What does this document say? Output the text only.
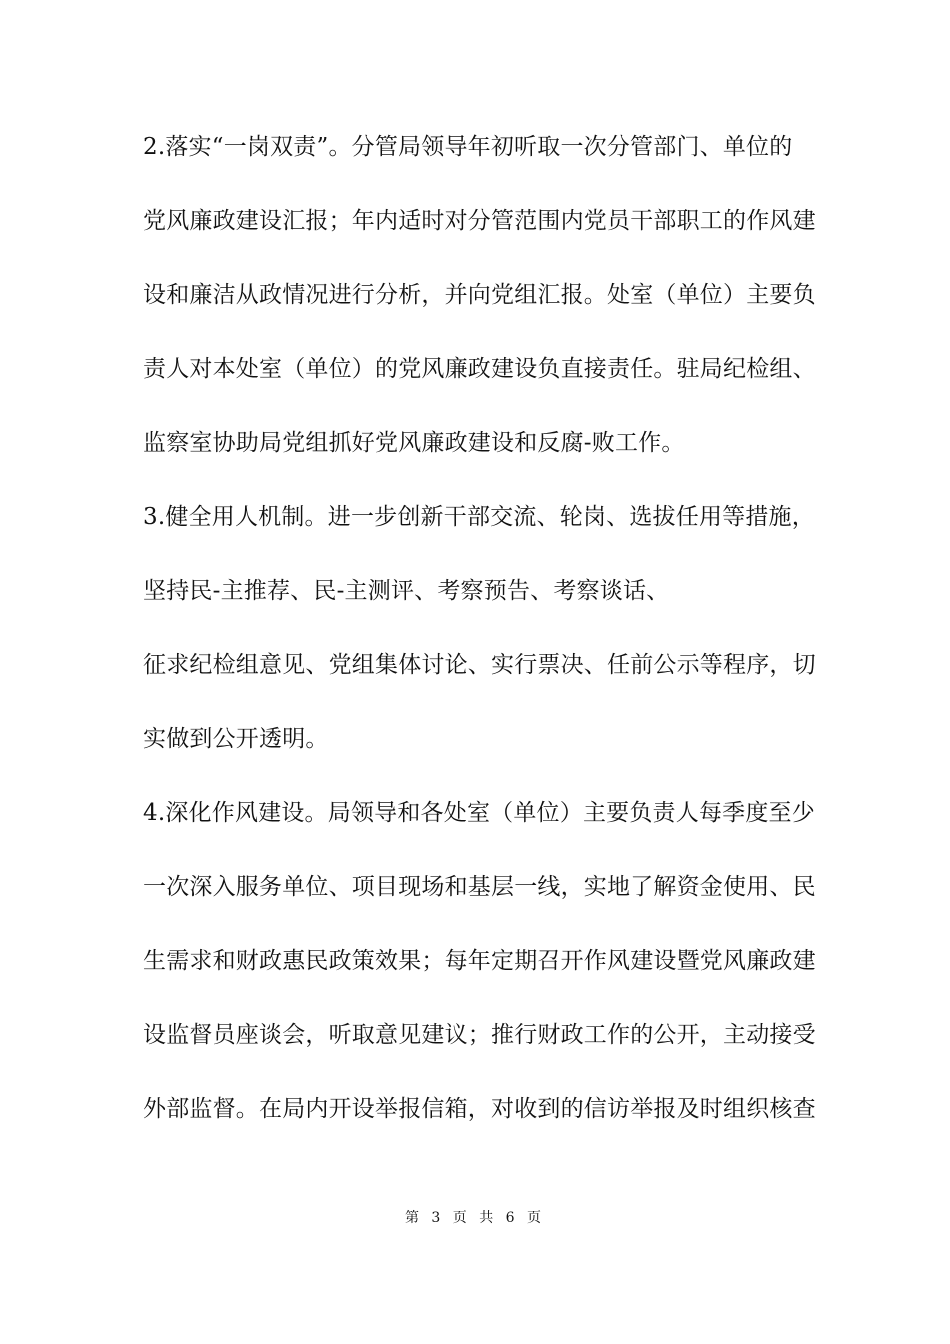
2.落实“一岗双责”。分管局领导年初听取一次分管部门、单位的

党风廉政建设汇报；年内适时对分管范围内党员干部职工的作风建

设和廉洁从政情况进行分析，并向党组汇报。处室（单位）主要负

责人对本处室（单位）的党风廉政建设负直接责任。驻局纪检组、

监察室协助局党组抓好党风廉政建设和反腐-败工作。

3.健全用人机制。进一步创新干部交流、轮岗、选拔任用等措施，

坚持民-主推荐、民-主测评、考察预告、考察谈话、

征求纪检组意见、党组集体讨论、实行票决、任前公示等程序，切

实做到公开透明。

4.深化作风建设。局领导和各处室（单位）主要负责人每季度至少

一次深入服务单位、项目现场和基层一线，实地了解资金使用、民

生需求和财政惠民政策效果；每年定期召开作风建设暨党风廉政建

设监督员座谈会，听取意见建议；推行财政工作的公开，主动接受

外部监督。在局内开设举报信箱，对收到的信访举报及时组织核查

第 3 页 共 6 页
